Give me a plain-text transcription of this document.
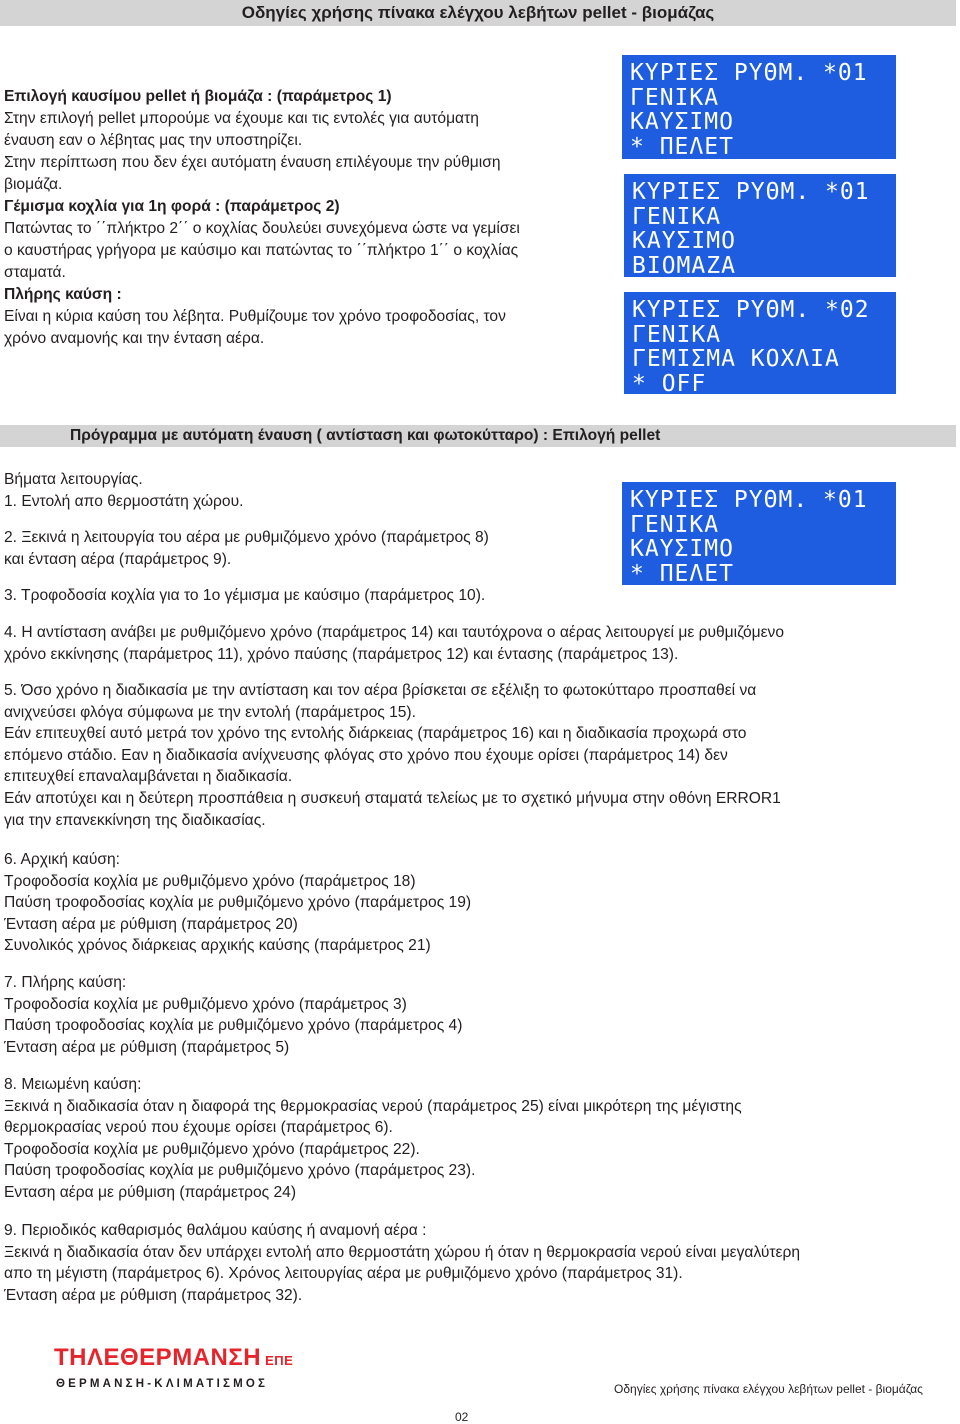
Οδηγίες χρήσης πίνακα ελέγχου λεβήτων pellet - βιομάζας
Επιλογή καυσίμου pellet ή βιομάζα : (παράμετρος 1)
Στην επιλογή pellet μπορούμε να έχουμε και τις εντολές για αυτόματη
έναυση εαν ο λέβητας μας την υποστηρίζει.
Στην περίπτωση που δεν έχει αυτόματη έναυση επιλέγουμε την ρύθμιση
βιομάζα.
Γέμισμα κοχλία για 1η φορά : (παράμετρος 2)
Πατώντας το ΄΄πλήκτρο 2΄΄ ο κοχλίας δουλεύει συνεχόμενα ώστε να γεμίσει
ο καυστήρας γρήγορα με καύσιμο και πατώντας το ΄΄πλήκτρο 1΄΄ ο κοχλίας
σταματά.
Πλήρης καύση :
Είναι η κύρια καύση του λέβητα. Ρυθμίζουμε τον χρόνο τροφοδοσίας, τον
χρόνο αναμονής και την ένταση αέρα.
ΚΥΡΙΕΣ ΡΥΘΜ. *01
ΓΕΝΙΚΑ
ΚΑΥΣΙΜΟ
* ΠΕΛΕΤ
ΚΥΡΙΕΣ ΡΥΘΜ. *01
ΓΕΝΙΚΑ
ΚΑΥΣΙΜΟ
ΒΙΟΜΑΖΑ
ΚΥΡΙΕΣ ΡΥΘΜ. *02
ΓΕΝΙΚΑ
ΓΕΜΙΣΜΑ ΚΟΧΛΙΑ
* OFF
Πρόγραμμα με αυτόματη έναυση ( αντίσταση και φωτοκύτταρο) : Επιλογή pellet
ΚΥΡΙΕΣ ΡΥΘΜ. *01
ΓΕΝΙΚΑ
ΚΑΥΣΙΜΟ
* ΠΕΛΕΤ
Βήματα λειτουργίας.
1. Εντολή απο θερμοστάτη χώρου.
2. Ξεκινά η λειτουργία του αέρα με ρυθμιζόμενο χρόνο (παράμετρος 8)
και ένταση αέρα (παράμετρος 9).
3. Τροφοδοσία κοχλία για το 1ο γέμισμα με καύσιμο (παράμετρος 10).
4. Η αντίσταση ανάβει με ρυθμιζόμενο χρόνο (παράμετρος 14) και ταυτόχρονα ο αέρας λειτουργεί με ρυθμιζόμενο
χρόνο εκκίνησης (παράμετρος 11), χρόνο παύσης (παράμετρος 12) και έντασης (παράμετρος 13).
5. Όσο χρόνο η διαδικασία με την αντίσταση και τον αέρα βρίσκεται σε εξέλιξη το φωτοκύτταρο προσπαθεί να
ανιχνεύσει φλόγα σύμφωνα με την εντολή (παράμετρος 15).
Εάν επιτευχθεί αυτό μετρά τον χρόνο της εντολής διάρκειας (παράμετρος 16) και η διαδικασία προχωρά στο
επόμενο στάδιο. Εαν η διαδικασία ανίχνευσης φλόγας στο χρόνο που έχουμε ορίσει (παράμετρος 14) δεν
επιτευχθεί επαναλαμβάνεται η διαδικασία.
Εάν αποτύχει και η δεύτερη προσπάθεια η συσκευή σταματά τελείως με το σχετικό μήνυμα στην οθόνη ERROR1
για την επανεκκίνηση της διαδικασίας.
6. Αρχική καύση:
Τροφοδοσία κοχλία με ρυθμιζόμενο χρόνο (παράμετρος 18)
Παύση τροφοδοσίας κοχλία με ρυθμιζόμενο χρόνο (παράμετρος 19)
Ένταση αέρα με ρύθμιση (παράμετρος 20)
Συνολικός χρόνος διάρκειας αρχικής καύσης (παράμετρος 21)
7. Πλήρης καύση:
Τροφοδοσία κοχλία με ρυθμιζόμενο χρόνο (παράμετρος 3)
Παύση τροφοδοσίας κοχλία με ρυθμιζόμενο χρόνο (παράμετρος 4)
Ένταση αέρα με ρύθμιση (παράμετρος 5)
8. Μειωμένη καύση:
Ξεκινά η διαδικασία όταν η διαφορά της θερμοκρασίας νερού (παράμετρος 25) είναι μικρότερη της μέγιστης
θερμοκρασίας νερού που έχουμε ορίσει (παράμετρος 6).
Τροφοδοσία κοχλία με ρυθμιζόμενο χρόνο (παράμετρος 22).
Παύση τροφοδοσίας κοχλία με ρυθμιζόμενο χρόνο (παράμετρος 23).
Ενταση αέρα με ρύθμιση (παράμετρος 24)
9. Περιοδικός καθαρισμός θαλάμου καύσης ή αναμονή αέρα :
Ξεκινά η διαδικασία όταν δεν υπάρχει εντολή απο θερμοστάτη χώρου ή όταν η θερμοκρασία νερού είναι μεγαλύτερη
απο τη μέγιστη (παράμετρος 6). Χρόνος λειτουργίας αέρα με ρυθμιζόμενο χρόνο (παράμετρος 31).
Ένταση αέρα με ρύθμιση (παράμετρος 32).
ΤΗΛΕΘΕΡΜΑΝΣΗ ΕΠΕ
ΘΕΡΜΑΝΣΗ-ΚΛΙΜΑΤΙΣΜΟΣ	Οδηγίες χρήσης πίνακα ελέγχου λεβήτων pellet - βιομάζας
02
